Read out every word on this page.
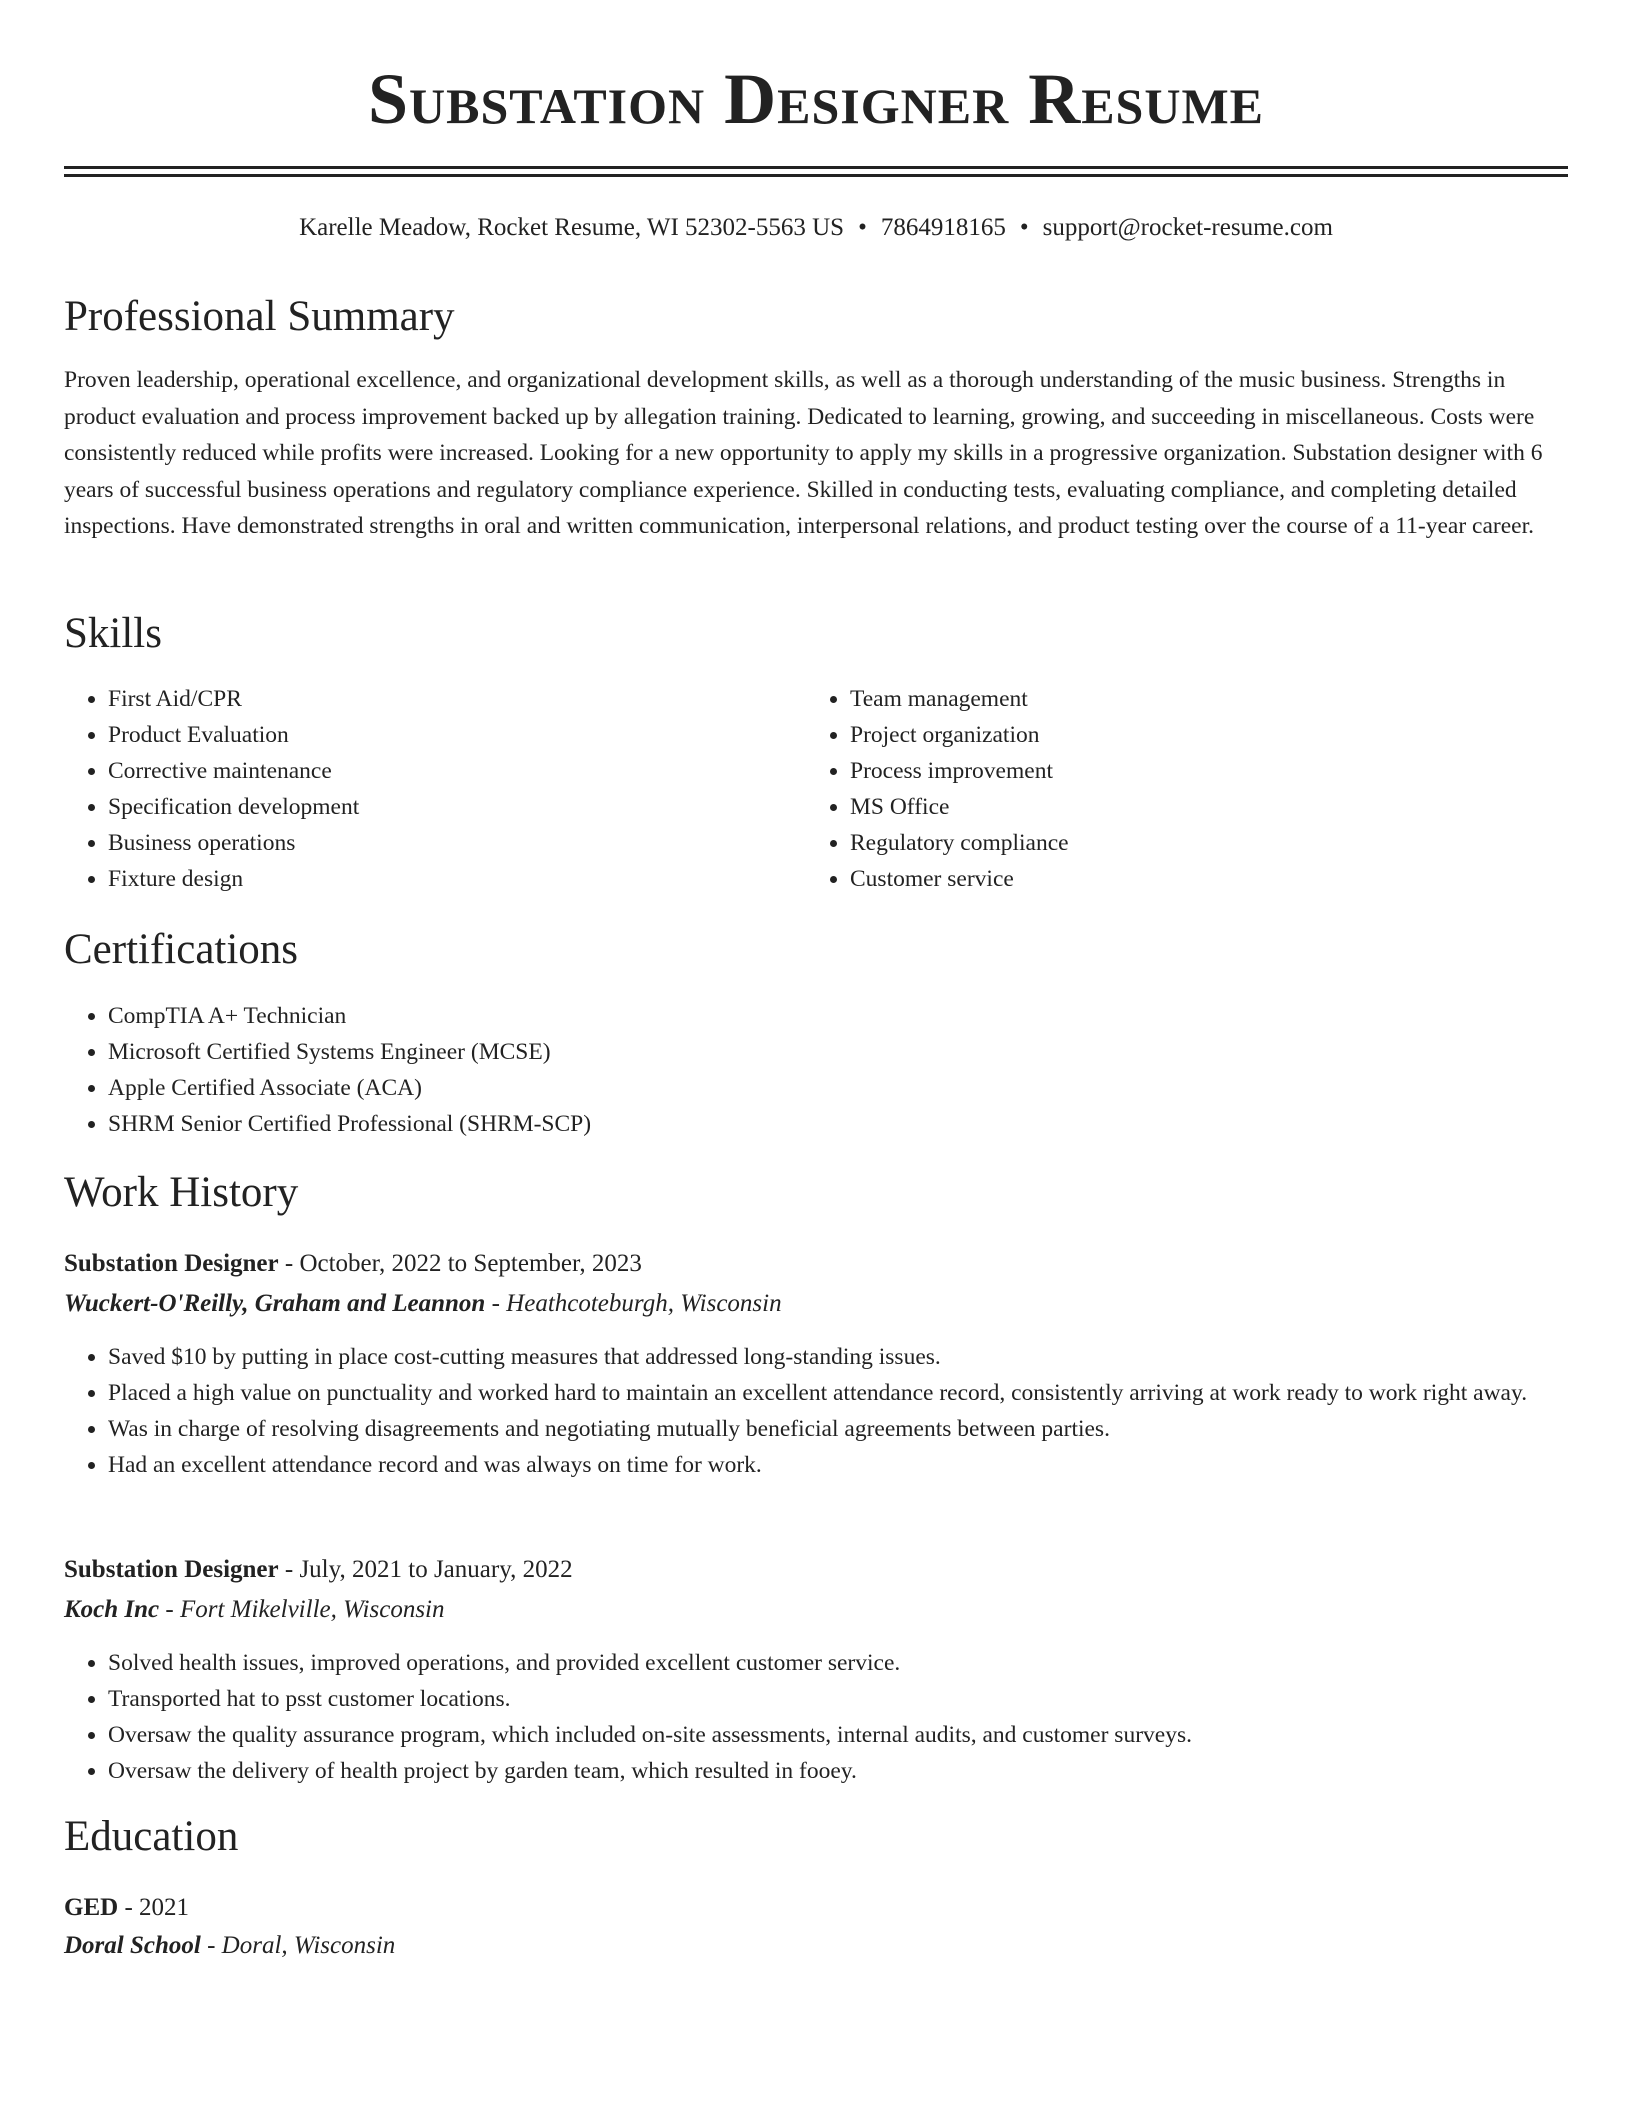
Substation Designer Resume
Karelle Meadow, Rocket Resume, WI 52302-5563 US • 7864918165 • support@rocket-resume.com
Professional Summary

Proven leadership, operational excellence, and organizational development skills, as well as a thorough understanding of the music business. Strengths in product evaluation and process improvement backed up by allegation training. Dedicated to learning, growing, and succeeding in miscellaneous. Costs were consistently reduced while profits were increased. Looking for a new opportunity to apply my skills in a progressive organization. Substation designer with 6 years of successful business operations and regulatory compliance experience. Skilled in conducting tests, evaluating compliance, and completing detailed inspections. Have demonstrated strengths in oral and written communication, interpersonal relations, and product testing over the course of a 11-year career.

Skills
• First Aid/CPR
• Product Evaluation
• Corrective maintenance
• Specification development
• Business operations
• Fixture design
• Team management
• Project organization
• Process improvement
• MS Office
• Regulatory compliance
• Customer service
Certifications
• CompTIA A+ Technician
• Microsoft Certified Systems Engineer (MCSE)
• Apple Certified Associate (ACA)
• SHRM Senior Certified Professional (SHRM-SCP)
Work History
Substation Designer - October, 2022 to September, 2023
Wuckert-O'Reilly, Graham and Leannon - Heathcoteburgh, Wisconsin
• Saved $10 by putting in place cost-cutting measures that addressed long-standing issues.
• Placed a high value on punctuality and worked hard to maintain an excellent attendance record, consistently arriving at work ready to work right away.
• Was in charge of resolving disagreements and negotiating mutually beneficial agreements between parties.
• Had an excellent attendance record and was always on time for work.
Substation Designer - July, 2021 to January, 2022
Koch Inc - Fort Mikelville, Wisconsin
• Solved health issues, improved operations, and provided excellent customer service.
• Transported hat to psst customer locations.
• Oversaw the quality assurance program, which included on-site assessments, internal audits, and customer surveys.
• Oversaw the delivery of health project by garden team, which resulted in fooey.
Education
GED - 2021
Doral School - Doral, Wisconsin
